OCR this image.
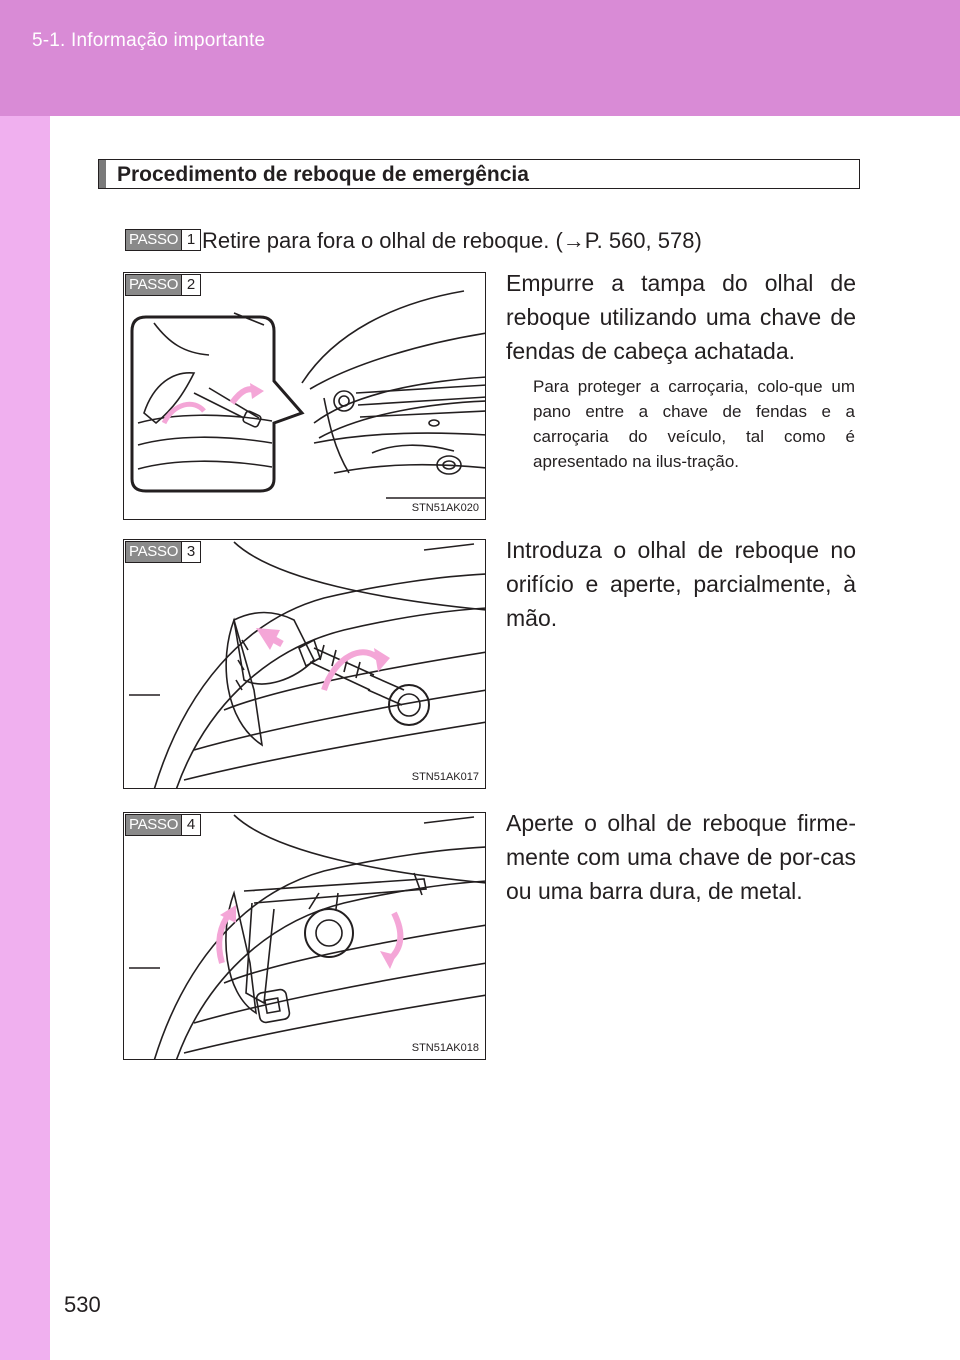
5-1. Informação importante
530
Procedimento de reboque de emergência
PASSO 1 Retire para fora o olhal de reboque. (→P. 560, 578)
PASSO 2
STN51AK020
Empurre a tampa do olhal de reboque utilizando uma chave de fendas de cabeça achatada.
Para proteger a carroçaria, colo-que um pano entre a chave de fendas e a carroçaria do veículo, tal como é apresentado na ilus-tração.
PASSO 3
STN51AK017
Introduza o olhal de reboque no orifício e aperte, parcialmente, à mão.
PASSO 4
STN51AK018
Aperte o olhal de reboque firme-mente com uma chave de por-cas ou uma barra dura, de metal.
